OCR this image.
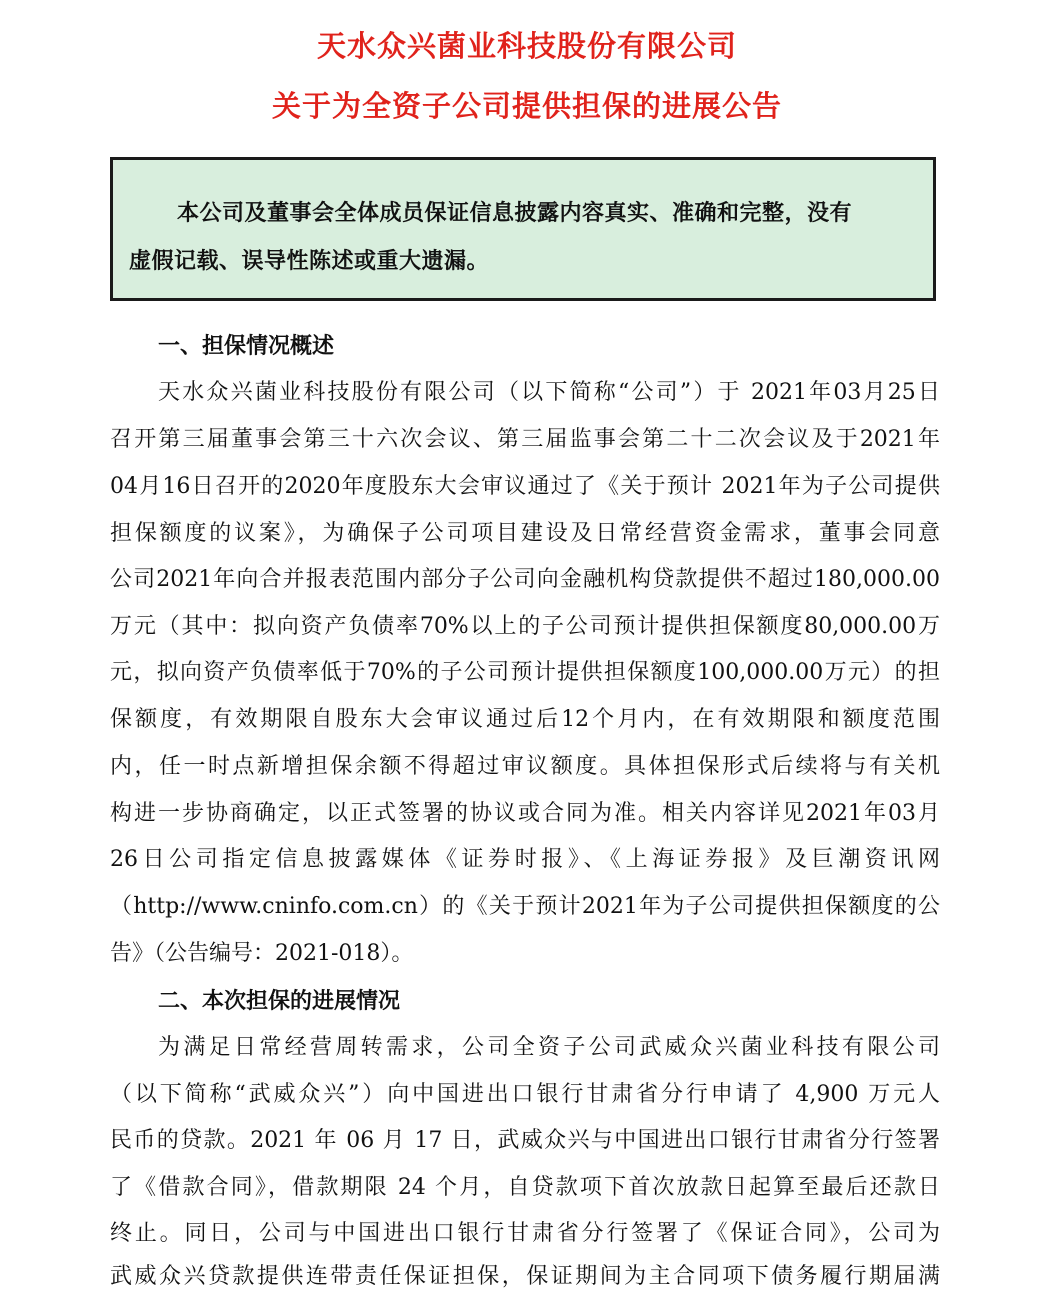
天水众兴菌业科技股份有限公司
关于为全资子公司提供担保的进展公告
本公司及董事会全体成员保证信息披露内容真实、准确和完整，没有
虚假记载、误导性陈述或重大遗漏。
一、担保情况概述
天水众兴菌业科技股份有限公司（以下简称“公司”）于 2021年03月25日
召开第三届董事会第三十六次会议、第三届监事会第二十二次会议及于2021年
04月16日召开的2020年度股东大会审议通过了《关于预计 2021年为子公司提供
担保额度的议案》，为确保子公司项目建设及日常经营资金需求，董事会同意
公司2021年向合并报表范围内部分子公司向金融机构贷款提供不超过180,000.00
万元（其中：拟向资产负债率70%以上的子公司预计提供担保额度80,000.00万
元，拟向资产负债率低于70%的子公司预计提供担保额度100,000.00万元）的担
保额度，有效期限自股东大会审议通过后12个月内，在有效期限和额度范围
内，任一时点新增担保余额不得超过审议额度。具体担保形式后续将与有关机
构进一步协商确定，以正式签署的协议或合同为准。相关内容详见2021年03月
26日公司指定信息披露媒体《证券时报》、《上海证券报》及巨潮资讯网
（http://www.cninfo.com.cn）的《关于预计2021年为子公司提供担保额度的公
告》（公告编号：2021-018）。
二、本次担保的进展情况
为满足日常经营周转需求，公司全资子公司武威众兴菌业科技有限公司
（以下简称“武威众兴”）向中国进出口银行甘肃省分行申请了 4,900 万元人
民币的贷款。2021 年 06 月 17 日，武威众兴与中国进出口银行甘肃省分行签署
了《借款合同》，借款期限 24 个月，自贷款项下首次放款日起算至最后还款日
终止。同日，公司与中国进出口银行甘肃省分行签署了《保证合同》，公司为
武威众兴贷款提供连带责任保证担保，保证期间为主合同项下债务履行期届满
